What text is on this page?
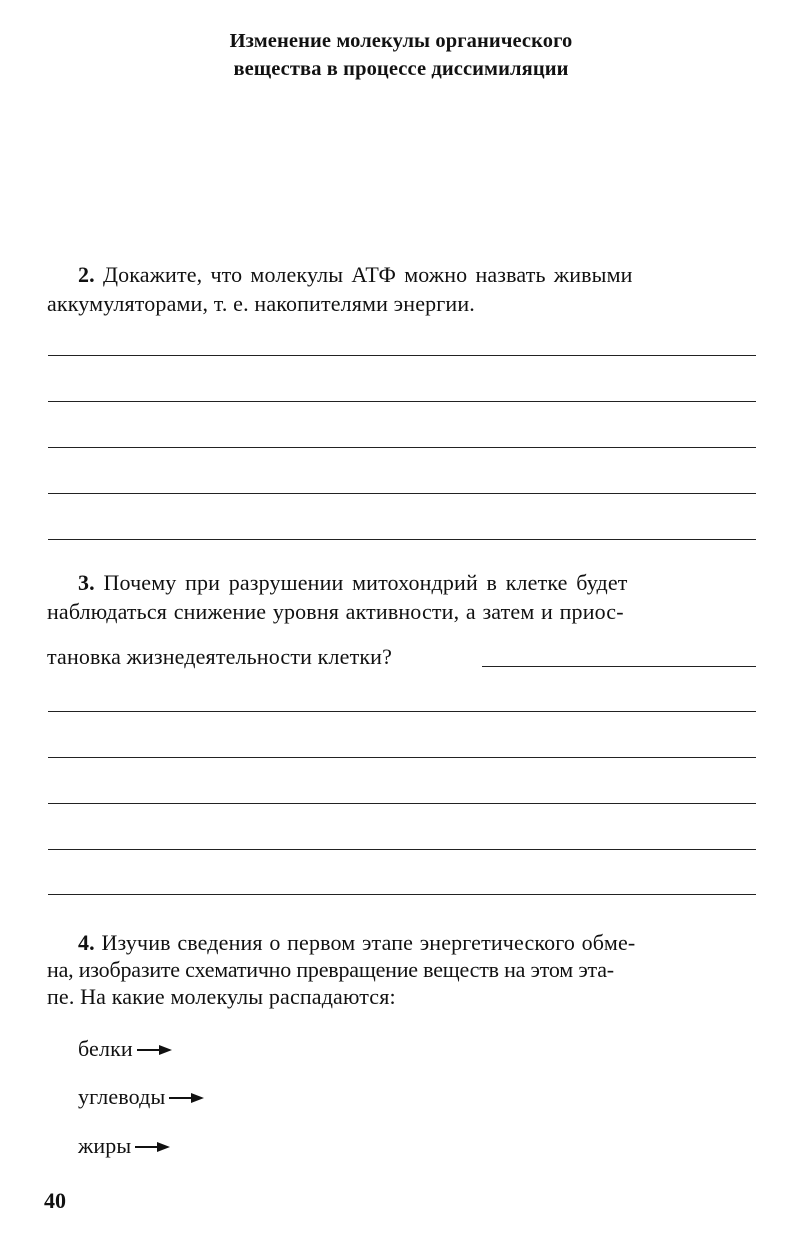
Изменение молекулы органического
вещества в процессе диссимиляции
2. Докажите, что молекулы АТФ можно назвать живыми
аккумуляторами, т. е. накопителями энергии.
3. Почему при разрушении митохондрий в клетке будет
наблюдаться снижение уровня активности, а затем и приос-
тановка жизнедеятельности клетки?
4. Изучив сведения о первом этапе энергетического обме-
на, изобразите схематично превращение веществ на этом эта-
пе. На какие молекулы распадаются:
белки
углеводы
жиры
40
